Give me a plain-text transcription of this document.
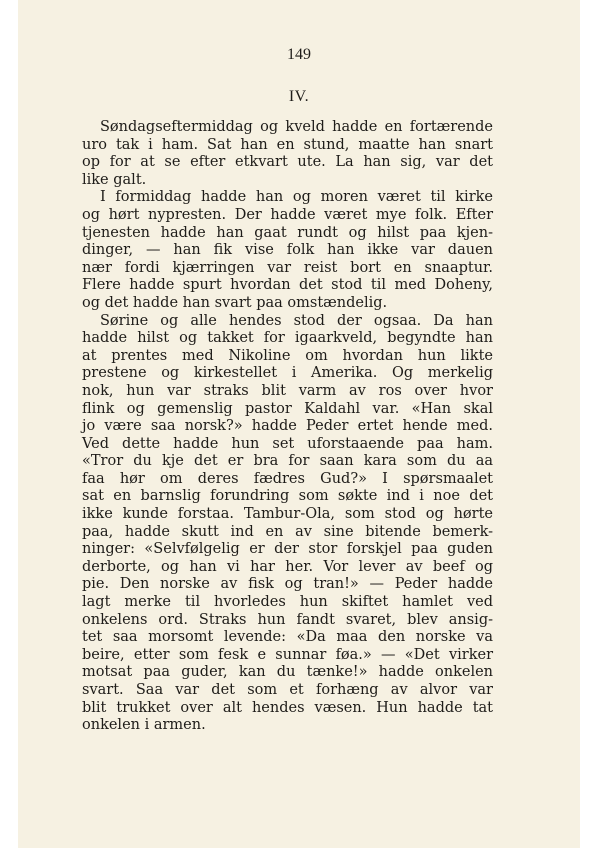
149
IV.
Søndagseftermiddag og kveld hadde en fortærende
uro tak i ham. Sat han en stund, maatte han snart
op for at se efter etkvart ute. La han sig, var det
like galt.
I formiddag hadde han og moren været til kirke
og hørt nypresten. Der hadde været mye folk. Efter
tjenesten hadde han gaat rundt og hilst paa kjen-
dinger, — han fik vise folk han ikke var dauen
nær fordi kjærringen var reist bort en snaaptur.
Flere hadde spurt hvordan det stod til med Doheny,
og det hadde han svart paa omstændelig.
Sørine og alle hendes stod der ogsaa. Da han
hadde hilst og takket for igaarkveld, begyndte han
at prentes med Nikoline om hvordan hun likte
prestene og kirkestellet i Amerika. Og merkelig
nok, hun var straks blit varm av ros over hvor
flink og gemenslig pastor Kaldahl var. «Han skal
jo være saa norsk?» hadde Peder ertet hende med.
Ved dette hadde hun set uforstaaende paa ham.
«Tror du kje det er bra for saan kara som du aa
faa hør om deres fædres Gud?» I spørsmaalet
sat en barnslig forundring som søkte ind i noe det
ikke kunde forstaa. Tambur-Ola, som stod og hørte
paa, hadde skutt ind en av sine bitende bemerk-
ninger: «Selvfølgelig er der stor forskjel paa guden
derborte, og han vi har her. Vor lever av beef og
pie. Den norske av fisk og tran!» — Peder hadde
lagt merke til hvorledes hun skiftet hamlet ved
onkelens ord. Straks hun fandt svaret, blev ansig-
tet saa morsomt levende: «Da maa den norske va
beire, etter som fesk e sunnar føa.» — «Det virker
motsat paa guder, kan du tænke!» hadde onkelen
svart. Saa var det som et forhæng av alvor var
blit trukket over alt hendes væsen. Hun hadde tat
onkelen i armen.
